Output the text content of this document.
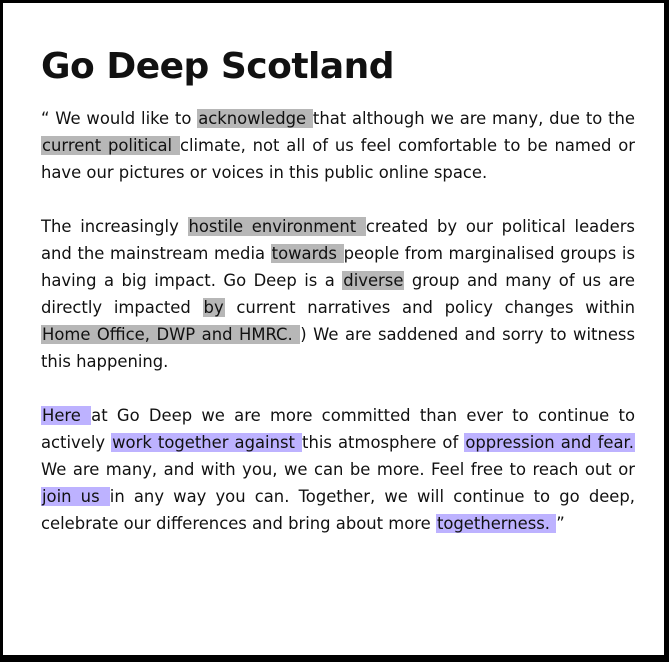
Go Deep Scotland

“ We would like to acknowledge that although we are many, due to the current political climate, not all of us feel comfortable to be named or have our pictures or voices in this public online space.

The increasingly hostile environment created by our political leaders and the mainstream media towards people from marginalised groups is having a big impact. Go Deep is a diverse group and many of us are directly impacted by current narratives and policy changes within Home Office, DWP and HMRC. ) We are saddened and sorry to witness this happening.

Here at Go Deep we are more committed than ever to continue to actively work together against this atmosphere of oppression and fear. We are many, and with you, we can be more. Feel free to reach out or join us in any way you can. Together, we will continue to go deep, celebrate our differences and bring about more togetherness. ”
